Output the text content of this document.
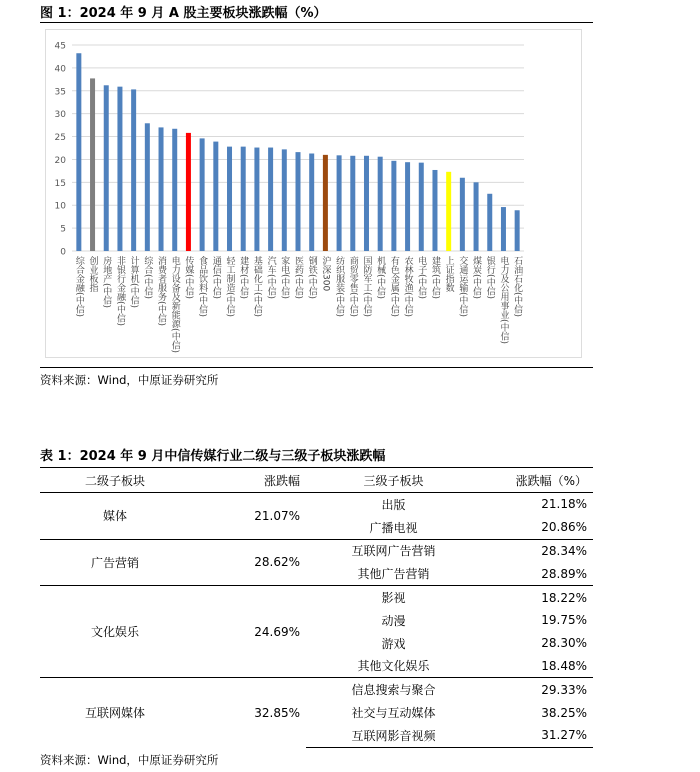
图 1：2024 年 9 月 A 股主要板块涨跌幅（%）
0
5
10
15
20
25
30
35
40
45
综合金融(中信) 创业板指 房地产(中信) 非银行金融(中信) 计算机(中信) 综合(中信) 消费者服务(中信) 电力设备及新能源(中信) 传媒(中信) 食品饮料(中信) 通信(中信) 轻工制造(中信) 建材(中信) 基础化工(中信) 汽车(中信) 家电(中信) 医药(中信) 钢铁(中信) 沪深300 纺织服装(中信) 商贸零售(中信) 国防军工(中信) 机械(中信) 有色金属(中信) 农林牧渔(中信) 电子(中信) 建筑(中信) 上证指数 交通运输(中信) 煤炭(中信) 银行(中信) 电力及公用事业(中信) 石油石化(中信)
资料来源：Wind，中原证券研究所
表 1：2024 年 9 月中信传媒行业二级与三级子板块涨跌幅
二级子板块	涨跌幅	三级子板块	涨跌幅（%）
媒体	21.07%	出版	21.18%
		广播电视	20.86%
广告营销	28.62%	互联网广告营销	28.34%
		其他广告营销	28.89%
文化娱乐	24.69%	影视	18.22%
		动漫	19.75%
		游戏	28.30%
		其他文化娱乐	18.48%
互联网媒体	32.85%	信息搜索与聚合	29.33%
		社交与互动媒体	38.25%
		互联网影音视频	31.27%
资料来源：Wind，中原证券研究所
